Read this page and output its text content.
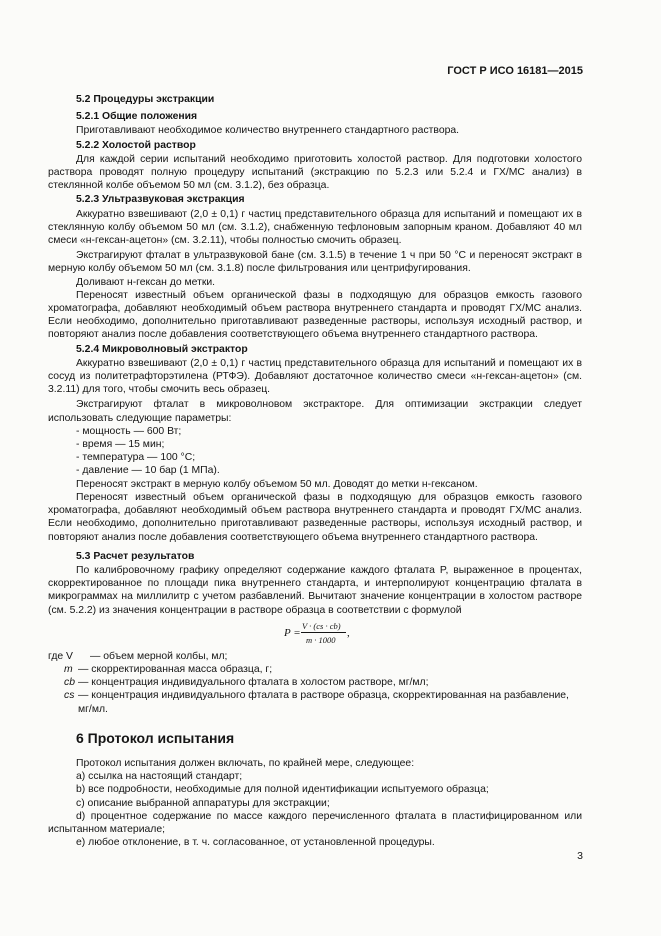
ГОСТ Р ИСО 16181—2015
5.2 Процедуры экстракции
5.2.1 Общие положения

Приготавливают необходимое количество внутреннего стандартного раствора.

5.2.2 Холостой раствор

Для каждой серии испытаний необходимо приготовить холостой раствор. Для подготовки холостого раствора проводят полную процедуру испытаний (экстракцию по 5.2.3 или 5.2.4 и ГХ/МС анализ) в стеклянной колбе объемом 50 мл (см. 3.1.2), без образца.

5.2.3 Ультразвуковая экстракция

Аккуратно взвешивают (2,0 ± 0,1) г частиц представительного образца для испытаний и помещают их в стеклянную колбу объемом 50 мл (см. 3.1.2), снабженную тефлоновым запорным краном. Добавляют 40 мл смеси «н-гексан-ацетон» (см. 3.2.11), чтобы полностью смочить образец.

Экстрагируют фталат в ультразвуковой бане (см. 3.1.5) в течение 1 ч при 50 °С и переносят экстракт в мерную колбу объемом 50 мл (см. 3.1.8) после фильтрования или центрифугирования.

Доливают н-гексан до метки.

Переносят известный объем органической фазы в подходящую для образцов емкость газового хроматографа, добавляют необходимый объем раствора внутреннего стандарта и проводят ГХ/МС анализ. Если необходимо, дополнительно приготавливают разведенные растворы, используя исходный раствор, и повторяют анализ после добавления соответствующего объема внутреннего стандартного раствора.

5.2.4 Микроволновый экстрактор

Аккуратно взвешивают (2,0 ± 0,1) г частиц представительного образца для испытаний и помещают их в сосуд из политетрафторэтилена (РТФЭ). Добавляют достаточное количество смеси «н-гексан-ацетон» (см. 3.2.11) для того, чтобы смочить весь образец.

Экстрагируют фталат в микроволновом экстракторе. Для оптимизации экстракции следует использовать следующие параметры:

- мощность — 600 Вт;
- время — 15 мин;
- температура — 100 °С;
- давление — 10 бар (1 МПа).

Переносят экстракт в мерную колбу объемом 50 мл. Доводят до метки н-гексаном.

Переносят известный объем органической фазы в подходящую для образцов емкость газового хроматографа, добавляют необходимый объем раствора внутреннего стандарта и проводят ГХ/МС анализ. Если необходимо, дополнительно приготавливают разведенные растворы, используя исходный раствор, и повторяют анализ после добавления соответствующего объема внутреннего стандартного раствора.

5.3 Расчет результатов

По калибровочному графику определяют содержание каждого фталата P, выраженное в процентах, скорректированное по площади пика внутреннего стандарта, и интерполируют концентрацию фталата в микрограммах на миллилитр с учетом разбавлений. Вычитают значение концентрации в холостом растворе (см. 5.2.2) из значения концентрации в растворе образца в соответствии с формулой

P =
V · (cs · cb)
m · 1000
,
где V — объем мерной колбы, мл;
m — скорректированная масса образца, г;
cb — концентрация индивидуального фталата в холостом растворе, мг/мл;
cs — концентрация индивидуального фталата в растворе образца, скорректированная на разбавление, мг/мл.
6 Протокол испытания

Протокол испытания должен включать, по крайней мере, следующее:

a) ссылка на настоящий стандарт;

b) все подробности, необходимые для полной идентификации испытуемого образца;

c) описание выбранной аппаратуры для экстракции;

d) процентное содержание по массе каждого перечисленного фталата в пластифицированном или испытанном материале;

e) любое отклонение, в т. ч. согласованное, от установленной процедуры.

3
